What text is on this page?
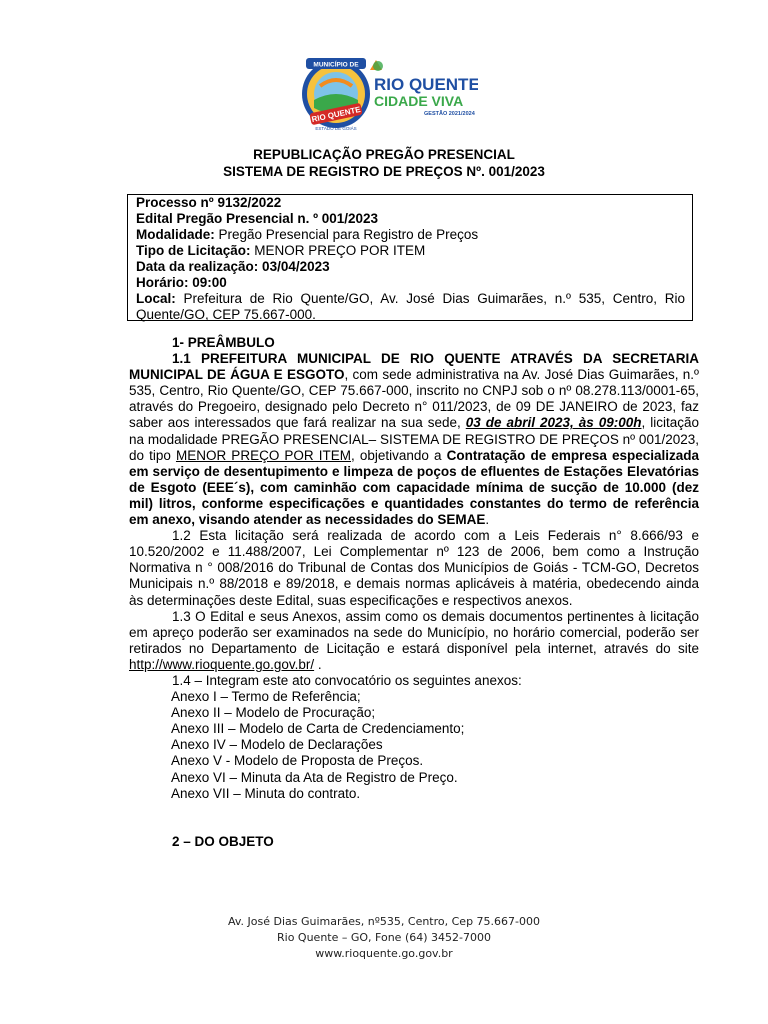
MUNICÍPIO DE
RIO QUENTE
ESTADO DE GOIÁS
RIO QUENTE
CIDADE VIVA
GESTÃO 2021/2024
REPUBLICAÇÃO PREGÃO PRESENCIAL
SISTEMA DE REGISTRO DE PREÇOS Nº. 001/2023

Processo nº 9132/2022

Edital Pregão Presencial n. º 001/2023

Modalidade: Pregão Presencial para Registro de Preços

Tipo de Licitação: MENOR PREÇO POR ITEM

Data da realização: 03/04/2023

Horário: 09:00

Local: Prefeitura de Rio Quente/GO, Av. José Dias Guimarães, n.º 535, Centro, Rio Quente/GO, CEP 75.667-000.

1- PREÂMBULO

1.1 PREFEITURA MUNICIPAL DE RIO QUENTE ATRAVÉS DA SECRETARIA MUNICIPAL DE ÁGUA E ESGOTO, com sede administrativa na Av. José Dias Guimarães, n.º 535, Centro, Rio Quente/GO, CEP 75.667-000, inscrito no CNPJ sob o nº 08.278.113/0001-65, através do Pregoeiro, designado pelo Decreto n° 011/2023, de 09 DE JANEIRO de 2023, faz saber aos interessados que fará realizar na sua sede, 03 de abril 2023, às 09:00h, licitação na modalidade PREGÃO PRESENCIAL– SISTEMA DE REGISTRO DE PREÇOS nº 001/2023, do tipo MENOR PREÇO POR ITEM, objetivando a Contratação de empresa especializada em serviço de desentupimento e limpeza de poços de efluentes de Estações Elevatórias de Esgoto (EEE´s), com caminhão com capacidade mínima de sucção de 10.000 (dez mil) litros, conforme especificações e quantidades constantes do termo de referência em anexo, visando atender as necessidades do SEMAE.

1.2 Esta licitação será realizada de acordo com a Leis Federais n° 8.666/93 e 10.520/2002 e 11.488/2007, Lei Complementar nº 123 de 2006, bem como a Instrução Normativa n ° 008/2016 do Tribunal de Contas dos Municípios de Goiás - TCM-GO, Decretos Municipais n.º 88/2018 e 89/2018, e demais normas aplicáveis à matéria, obedecendo ainda às determinações deste Edital, suas especificações e respectivos anexos.

1.3 O Edital e seus Anexos, assim como os demais documentos pertinentes à licitação em apreço poderão ser examinados na sede do Município, no horário comercial, poderão ser retirados no Departamento de Licitação e estará disponível pela internet, através do site http://www.rioquente.go.gov.br/ .

1.4 – Integram este ato convocatório os seguintes anexos:

Anexo I – Termo de Referência;
Anexo II – Modelo de Procuração;
Anexo III – Modelo de Carta de Credenciamento;
Anexo IV – Modelo de Declarações
Anexo V - Modelo de Proposta de Preços.
Anexo VI – Minuta da Ata de Registro de Preço.
Anexo VII – Minuta do contrato.

2 – DO OBJETO

Av. José Dias Guimarães, nº535, Centro, Cep 75.667-000
Rio Quente – GO, Fone (64) 3452-7000
www.rioquente.go.gov.br
